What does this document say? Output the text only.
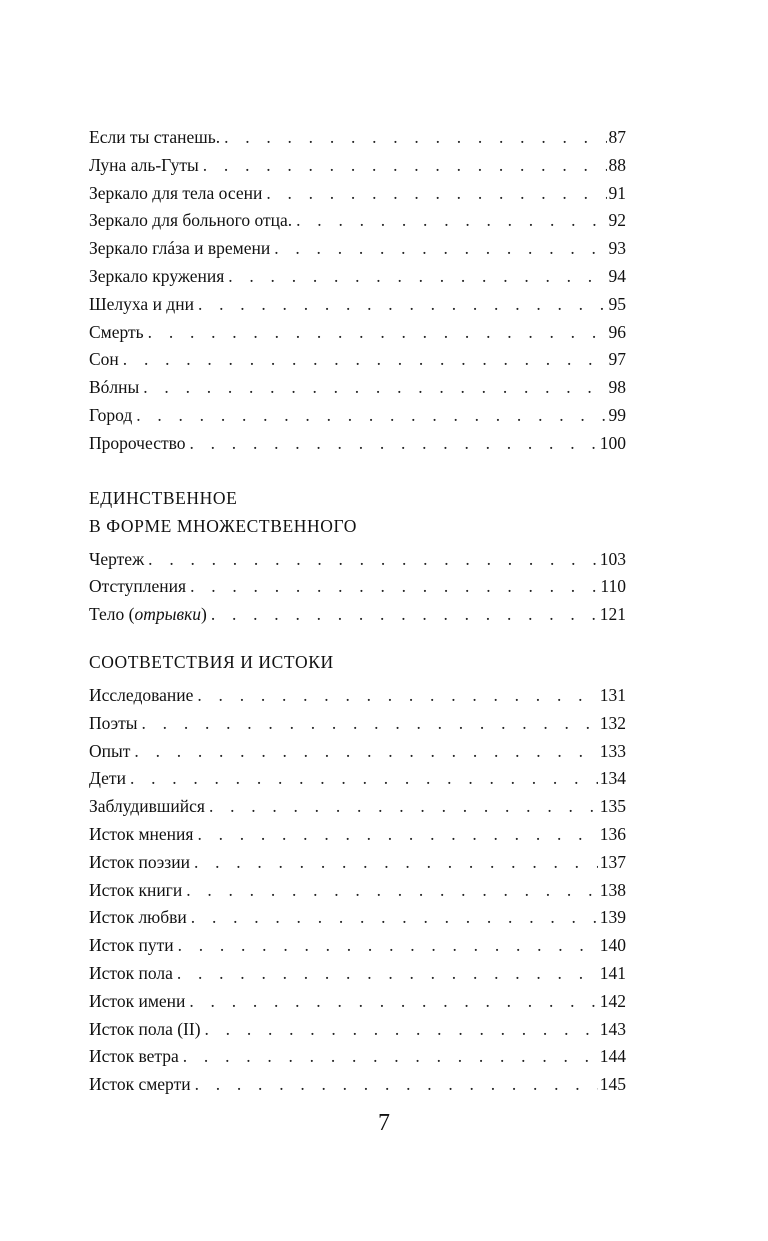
Если ты станешь. . . .	87
Луна аль-Гуты . . .	88
Зеркало для тела осени . . .	91
Зеркало для больного отца. . . .	92
Зеркало глáза и времени . . .	93
Зеркало кружения . . .	94
Шелуха и дни . . .	95
Смерть . . .	96
Сон . . .	97
Вóлны . . .	98
Город . . .	99
Пророчество . . .	100
ЕДИНСТВЕННОЕ
В ФОРМЕ МНОЖЕСТВЕННОГО
Чертеж . . .	103
Отступления . . .	110
Тело (отрывки) . . .	121
СООТВЕТСТВИЯ И ИСТОКИ
Исследование . . .	131
Поэты . . .	132
Опыт . . .	133
Дети . . .	134
Заблудившийся . . .	135
Исток мнения . . .	136
Исток поэзии . . .	137
Исток книги . . .	138
Исток любви . . .	139
Исток пути . . .	140
Исток пола . . .	141
Исток имени . . .	142
Исток пола (II) . . .	143
Исток ветра . . .	144
Исток смерти . . .	145
7
